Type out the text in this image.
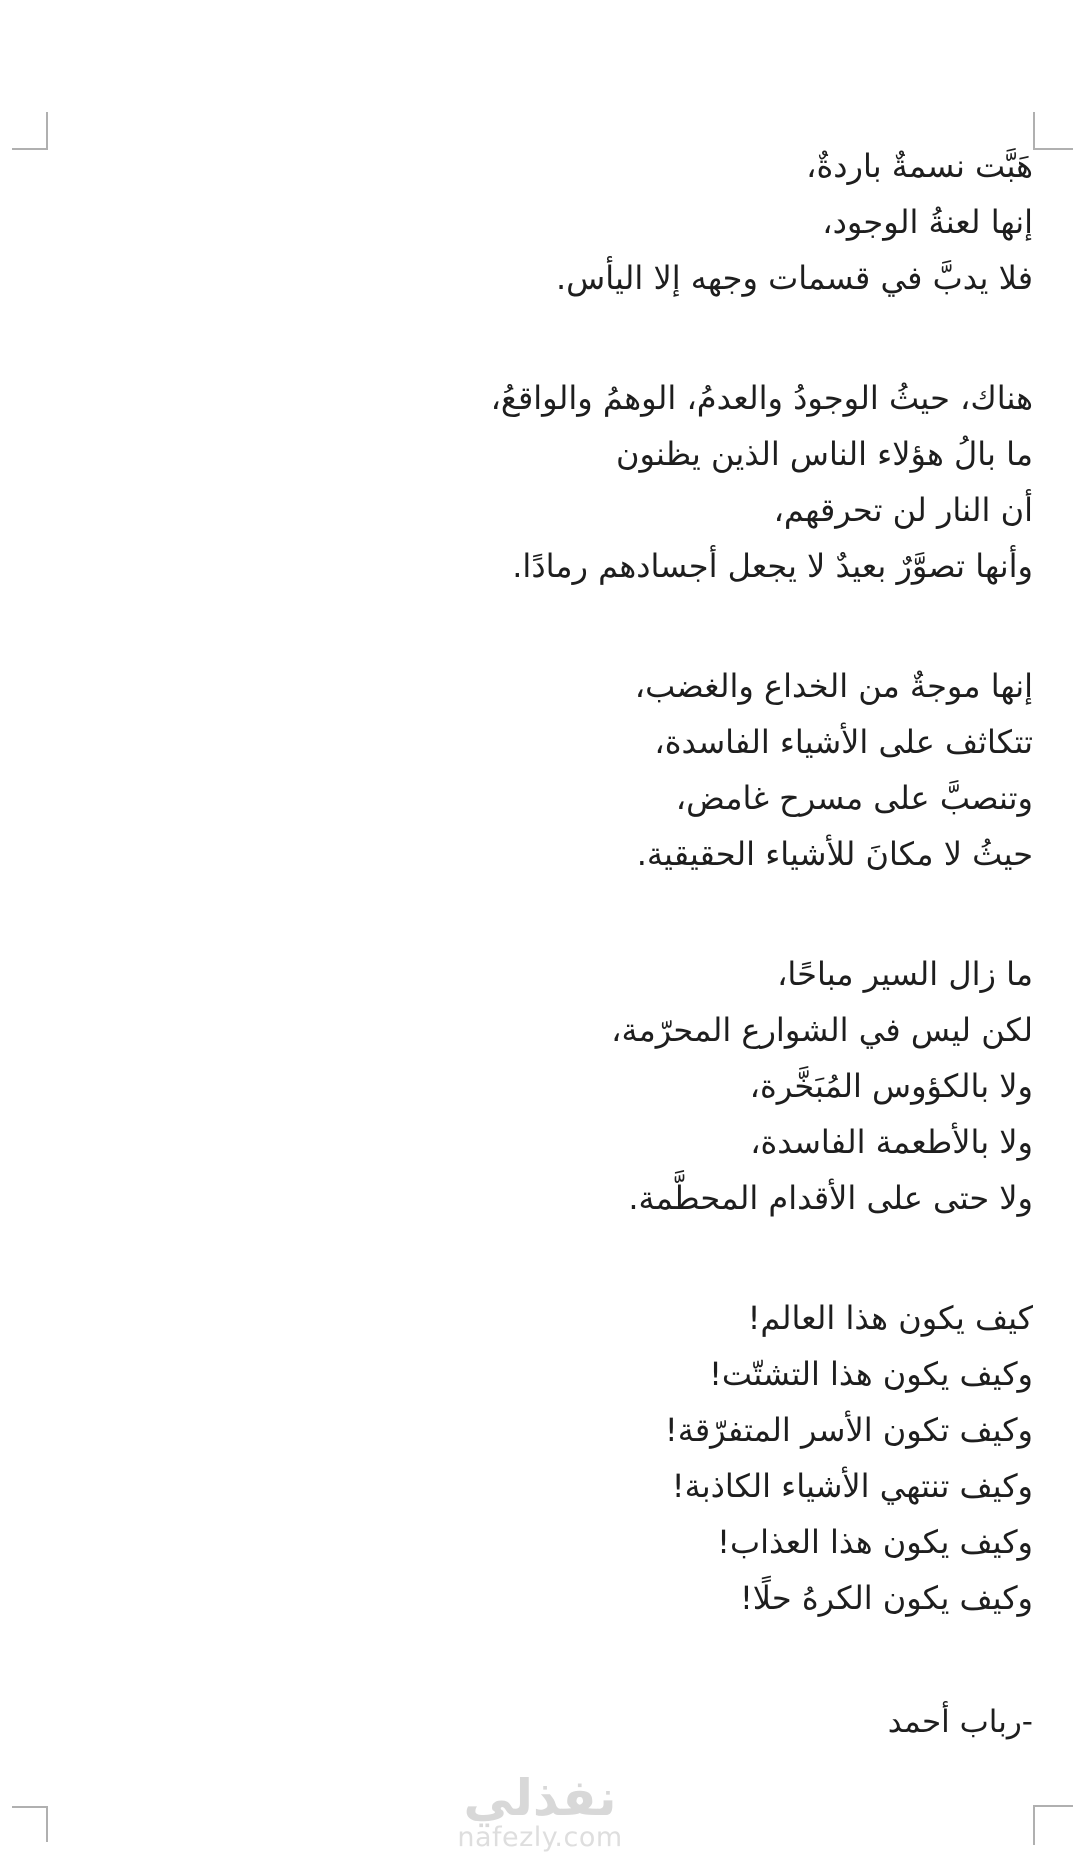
هَبَّت نسمةٌ باردةٌ،
إنها لعنةُ الوجود،
فلا يدبَّ في قسمات وجهه إلا اليأس.
هناك، حيثُ الوجودُ والعدمُ، الوهمُ والواقعُ،
ما بالُ هؤلاء الناس الذين يظنون
أن النار لن تحرقهم،
وأنها تصوَّرٌ بعيدٌ لا يجعل أجسادهم رمادًا.
إنها موجةٌ من الخداع والغضب،
تتكاثف على الأشياء الفاسدة،
وتنصبَّ على مسرح غامض،
حيثُ لا مكانَ للأشياء الحقيقية.
ما زال السير مباحًا،
لكن ليس في الشوارع المحرّمة،
ولا بالكؤوس المُبَخَّرة،
ولا بالأطعمة الفاسدة،
ولا حتى على الأقدام المحطَّمة.
كيف يكون هذا العالم!
وكيف يكون هذا التشتّت!
وكيف تكون الأسر المتفرّقة!
وكيف تنتهي الأشياء الكاذبة!
وكيف يكون هذا العذاب!
وكيف يكون الكرهُ حلًا!
-رباب أحمد
نفذلي
nafezly.com
